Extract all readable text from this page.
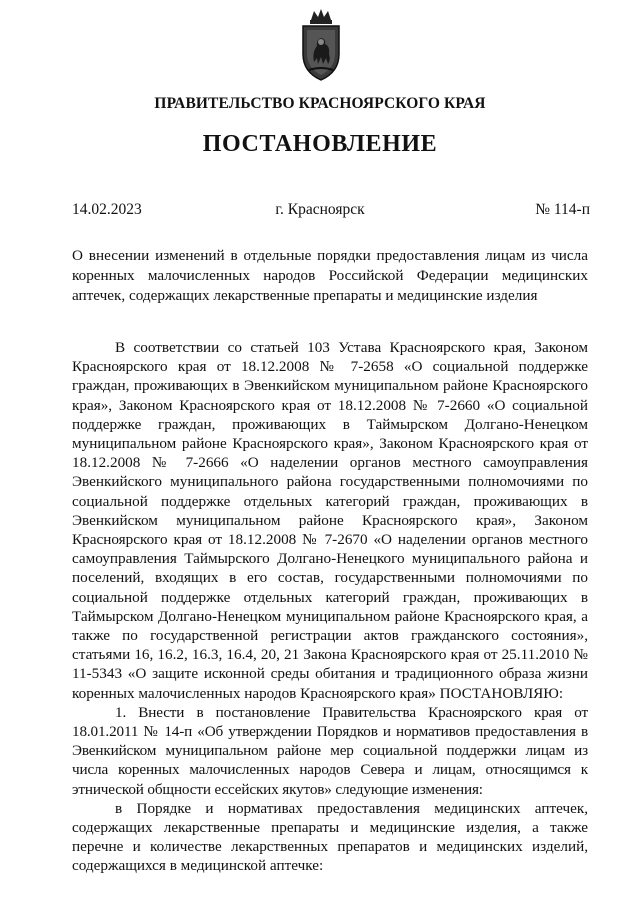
ПРАВИТЕЛЬСТВО КРАСНОЯРСКОГО КРАЯ
ПОСТАНОВЛЕНИЕ
14.02.2023	г. Красноярск	№ 114-п
О внесении изменений в отдельные порядки предоставления лицам из числа коренных малочисленных народов Российской Федерации медицинских аптечек, содержащих лекарственные препараты и медицинские изделия

В соответствии со статьей 103 Устава Красноярского края, Законом Красноярского края от 18.12.2008 № 7-2658 «О социальной поддержке граждан, проживающих в Эвенкийском муниципальном районе Красноярского края», Законом Красноярского края от 18.12.2008 № 7-2660 «О социальной поддержке граждан, проживающих в Таймырском Долгано-Ненецком муниципальном районе Красноярского края», Законом Красноярского края от 18.12.2008 № 7-2666 «О наделении органов местного самоуправления Эвенкийского муниципального района государственными полномочиями по социальной поддержке отдельных категорий граждан, проживающих в Эвенкийском муниципальном районе Красноярского края», Законом Красноярского края от 18.12.2008 № 7-2670 «О наделении органов местного самоуправления Таймырского Долгано-Ненецкого муниципального района и поселений, входящих в его состав, государственными полномочиями по социальной поддержке отдельных категорий граждан, проживающих в Таймырском Долгано-Ненецком муниципальном районе Красноярского края, а также по государственной регистрации актов гражданского состояния», статьями 16, 16.2, 16.3, 16.4, 20, 21 Закона Красноярского края от 25.11.2010 № 11-5343 «О защите исконной среды обитания и традиционного образа жизни коренных малочисленных народов Красноярского края» ПОСТАНОВЛЯЮ:

1. Внести в постановление Правительства Красноярского края от 18.01.2011 № 14-п «Об утверждении Порядков и нормативов предоставления в Эвенкийском муниципальном районе мер социальной поддержки лицам из числа коренных малочисленных народов Севера и лицам, относящимся к этнической общности ессейских якутов» следующие изменения:

в Порядке и нормативах предоставления медицинских аптечек, содержащих лекарственные препараты и медицинские изделия, а также перечне и количестве лекарственных препаратов и медицинских изделий, содержащихся в медицинской аптечке:
